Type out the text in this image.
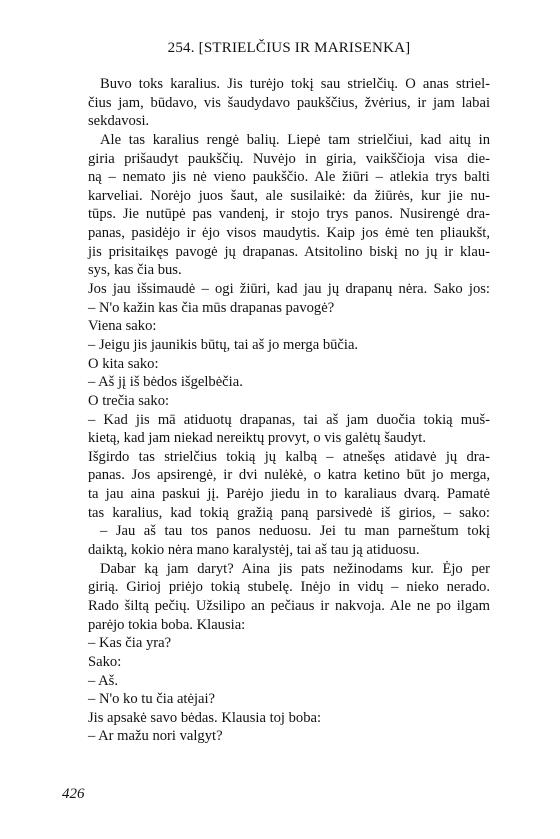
254. [STRIELČIUS IR MARISENKA]
Buvo toks karalius. Jis turėjo tokį sau strielčių. O anas striel-
čius jam, būdavo, vis šaudydavo paukščius, žvėrius, ir jam labai
sekdavosi.
Ale tas karalius rengė balių. Liepė tam strielčiui, kad aitų in
giria prišaudyt paukščių. Nuvėjo in giria, vaikščioja visa die-
ną – nemato jis nė vieno paukščio. Ale žiūri – atlekia trys balti
karveliai. Norėjo juos šaut, ale susilaikė: da žiūrės, kur jie nu-
tūps. Jie nutūpė pas vandenį, ir stojo trys panos. Nusirengė dra-
panas, pasidėjo ir ėjo visos maudytis. Kaip jos ėmė ten pliaukšt,
jis prisitaikęs pavogė jų drapanas. Atsitolino biskį no jų ir klau-
sys, kas čia bus.
Jos jau išsimaudė – ogi žiūri, kad jau jų drapanų nėra. Sako jos:
– N'o kažin kas čia mūs drapanas pavogė?
Viena sako:
– Jeigu jis jaunikis būtų, tai aš jo merga būčia.
O kita sako:
– Aš jį iš bėdos išgelbėčia.
O trečia sako:
– Kad jis mā atiduotų drapanas, tai aš jam duočia tokią muš-
kietą, kad jam niekad nereiktų provyt, o vis galėtų šaudyt.
Išgirdo tas strielčius tokią jų kalbą – atnešęs atidavė jų dra-
panas. Jos apsirengė, ir dvi nulėkė, o katra ketino būt jo merga,
ta jau aina paskui jį. Parėjo jiedu in to karaliaus dvarą. Pamatė
tas karalius, kad tokią gražią paną parsivedė iš girios, – sako:
– Jau aš tau tos panos neduosu. Jei tu man parneštum tokį
daiktą, kokio nėra mano karalystėj, tai aš tau ją atiduosu.
Dabar ką jam daryt? Aina jis pats nežinodams kur. Ėjo per
girią. Girioj priėjo tokią stubelę. Inėjo in vidų – nieko nerado.
Rado šiltą pečių. Užsilipo an pečiaus ir nakvoja. Ale ne po ilgam
parėjo tokia boba. Klausia:
– Kas čia yra?
Sako:
– Aš.
– N'o ko tu čia atėjai?
Jis apsakė savo bėdas. Klausia toj boba:
– Ar mažu nori valgyt?
426
